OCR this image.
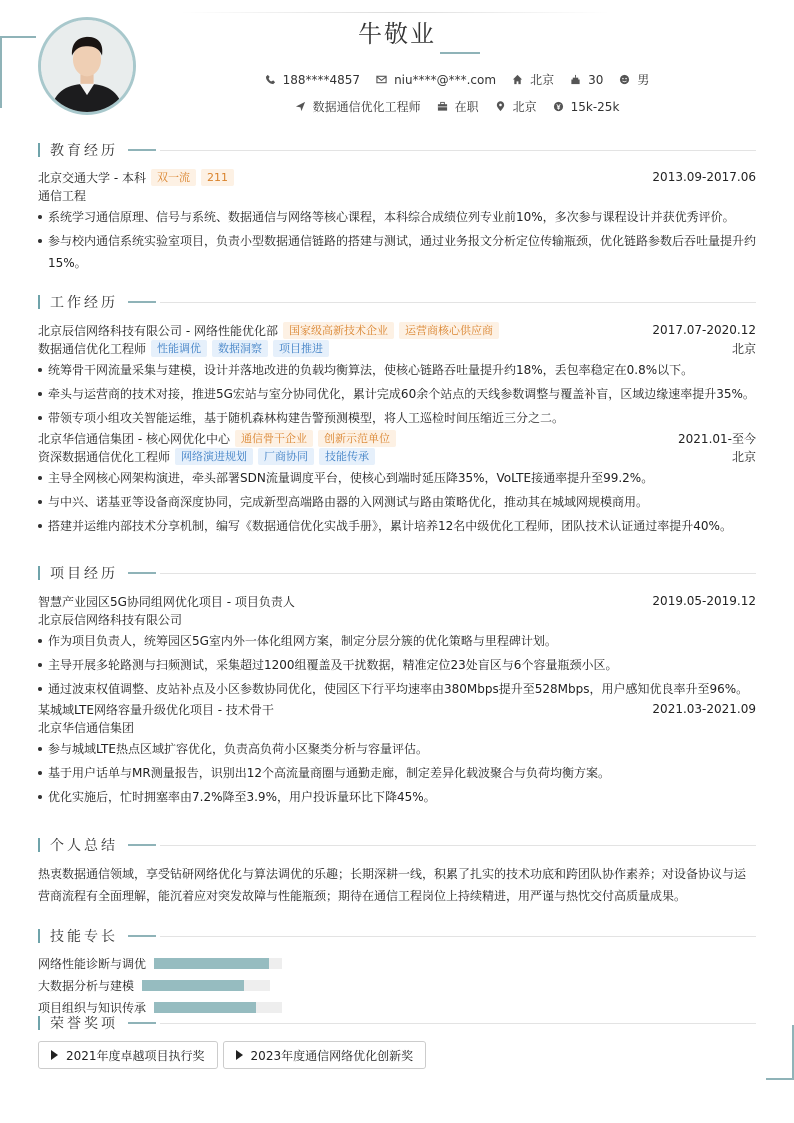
牛敬业
188****4857	niu****@***.com	北京	30	男
数据通信优化工程师	在职	北京	15k-25k
教育经历
北京交通大学 - 本科	双一流	211	2013.09-2017.06
通信工程
系统学习通信原理、信号与系统、数据通信与网络等核心课程，本科综合成绩位列专业前10%，多次参与课程设计并获优秀评价。
参与校内通信系统实验室项目，负责小型数据通信链路的搭建与测试，通过业务报文分析定位传输瓶颈，优化链路参数后吞吐量提升约15%。
工作经历
北京辰信网络科技有限公司 - 网络性能优化部	国家级高新技术企业	运营商核心供应商	2017.07-2020.12
数据通信优化工程师	性能调优	数据洞察	项目推进	北京
统筹骨干网流量采集与建模，设计并落地改进的负载均衡算法，使核心链路吞吐量提升约18%，丢包率稳定在0.8%以下。
牵头与运营商的技术对接，推进5G宏站与室分协同优化，累计完成60余个站点的天线参数调整与覆盖补盲，区域边缘速率提升35%。
带领专项小组攻关智能运维，基于随机森林构建告警预测模型，将人工巡检时间压缩近三分之二。
北京华信通信集团 - 核心网优化中心	通信骨干企业	创新示范单位	2021.01-至今
资深数据通信优化工程师	网络演进规划	厂商协同	技能传承	北京
主导全网核心网架构演进，牵头部署SDN流量调度平台，使核心到端时延压降35%，VoLTE接通率提升至99.2%。
与中兴、诺基亚等设备商深度协同，完成新型高端路由器的入网测试与路由策略优化，推动其在城域网规模商用。
搭建并运维内部技术分享机制，编写《数据通信优化实战手册》，累计培养12名中级优化工程师，团队技术认证通过率提升40%。
项目经历
智慧产业园区5G协同组网优化项目 - 项目负责人	2019.05-2019.12
北京辰信网络科技有限公司
作为项目负责人，统筹园区5G室内外一体化组网方案，制定分层分簇的优化策略与里程碑计划。
主导开展多轮路测与扫频测试，采集超过1200组覆盖及干扰数据，精准定位23处盲区与6个容量瓶颈小区。
通过波束权值调整、皮站补点及小区参数协同优化，使园区下行平均速率由380Mbps提升至528Mbps，用户感知优良率升至96%。
某城域LTE网络容量升级优化项目 - 技术骨干	2021.03-2021.09
北京华信通信集团
参与城域LTE热点区域扩容优化，负责高负荷小区聚类分析与容量评估。
基于用户话单与MR测量报告，识别出12个高流量商圈与通勤走廊，制定差异化载波聚合与负荷均衡方案。
优化实施后，忙时拥塞率由7.2%降至3.9%，用户投诉量环比下降45%。
个人总结
热衷数据通信领域，享受钻研网络优化与算法调优的乐趣；长期深耕一线，积累了扎实的技术功底和跨团队协作素养；对设备协议与运营商流程有全面理解，能沉着应对突发故障与性能瓶颈；期待在通信工程岗位上持续精进，用严谨与热忱交付高质量成果。
技能专长
网络性能诊断与调优
大数据分析与建模
项目组织与知识传承
荣誉奖项
2021年度卓越项目执行奖	2023年度通信网络优化创新奖
